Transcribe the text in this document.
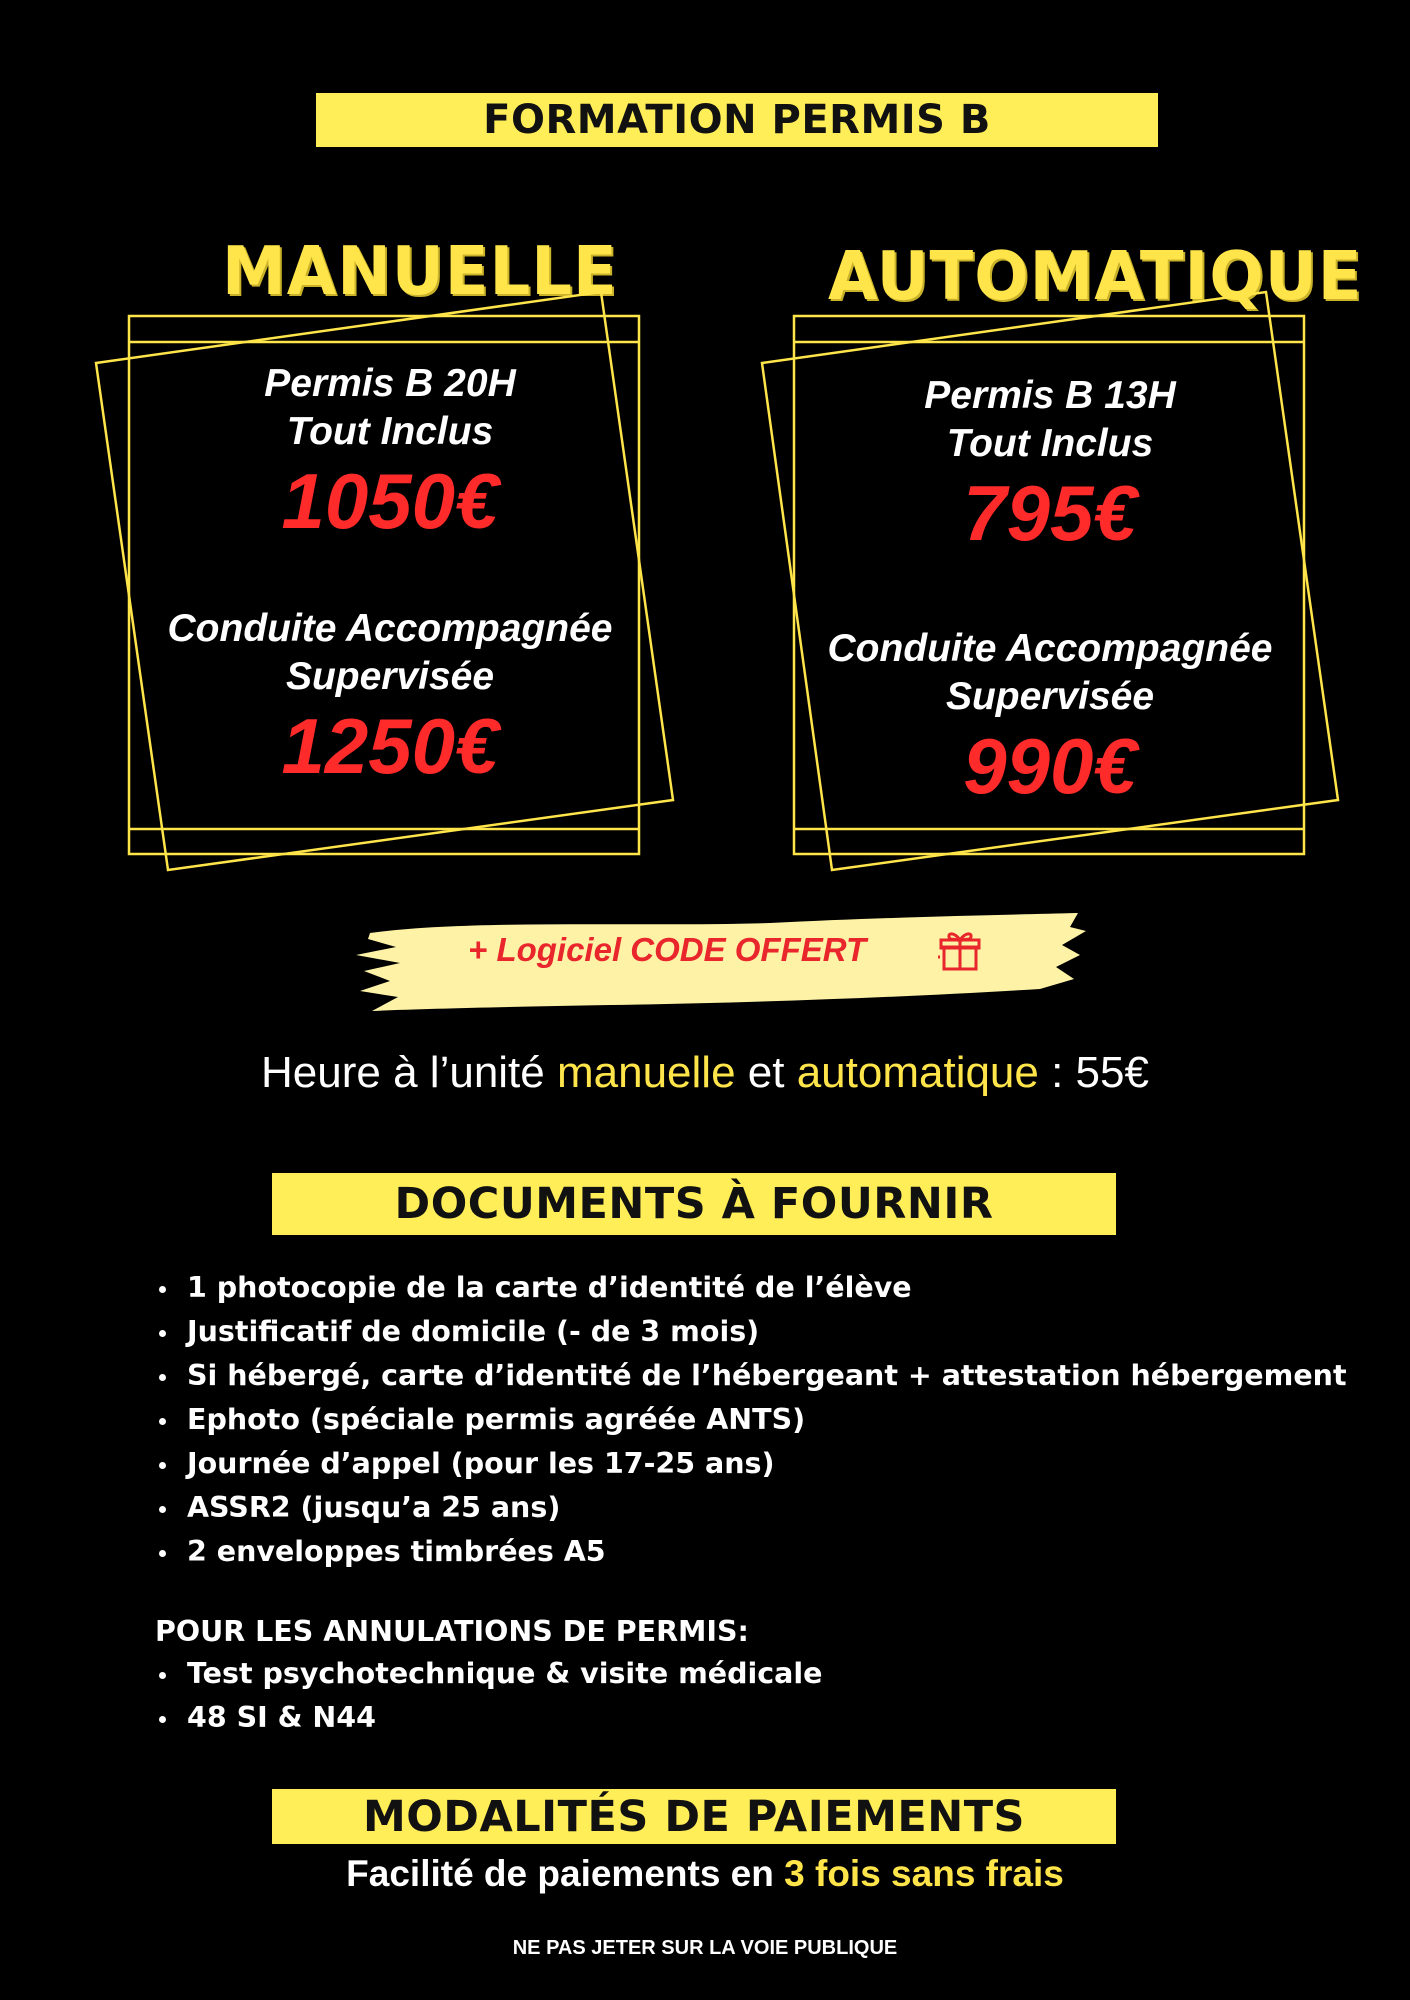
FORMATION PERMIS B
MANUELLE	AUTOMATIQUE
Permis B 20H
Tout Inclus
1050€
Conduite Accompagnée
Supervisée
1250€
Permis B 13H
Tout Inclus
795€
Conduite Accompagnée
Supervisée
990€
+ Logiciel CODE OFFERT
Heure à l’unité manuelle et automatique : 55€
DOCUMENTS À FOURNIR
1 photocopie de la carte d’identité de l’élève
Justificatif de domicile (- de 3 mois)
Si hébergé, carte d’identité de l’hébergeant + attestation hébergement
Ephoto (spéciale permis agréée ANTS)
Journée d’appel (pour les 17-25 ans)
ASSR2 (jusqu’a 25 ans)
2 enveloppes timbrées A5
POUR LES ANNULATIONS DE PERMIS:
Test psychotechnique & visite médicale
48 SI & N44
MODALITÉS DE PAIEMENTS
Facilité de paiements en 3 fois sans frais
NE PAS JETER SUR LA VOIE PUBLIQUE
